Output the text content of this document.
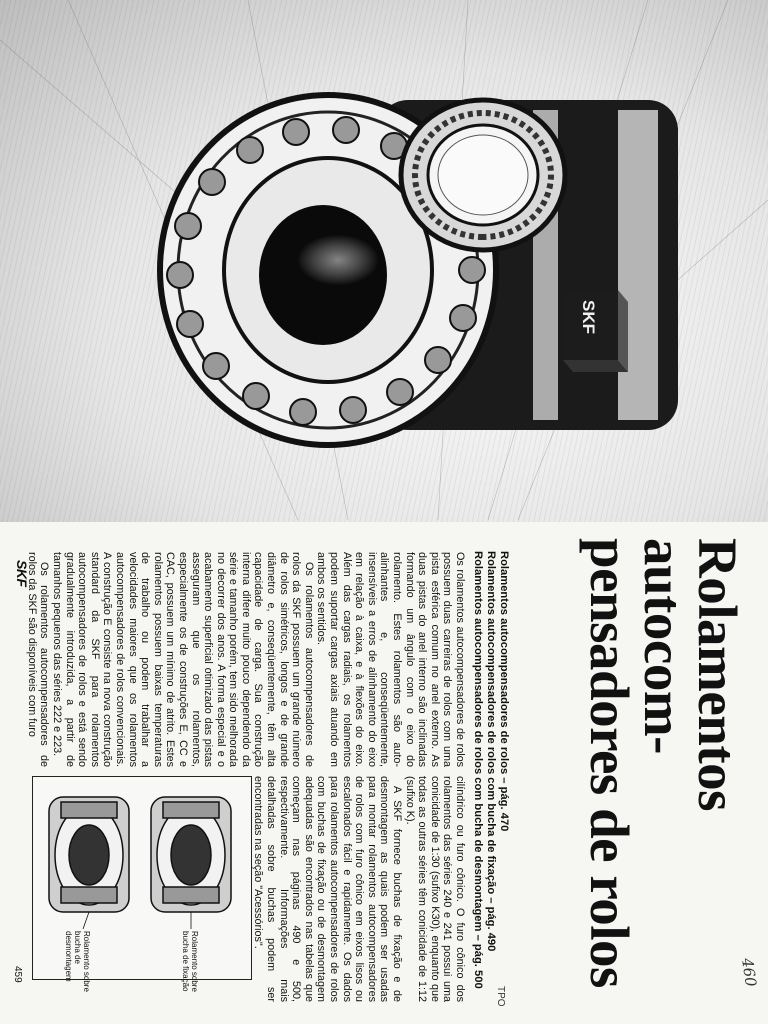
SKF
Rolamentos autocom-
pensadores de rolos
Rolamentos autocompensadores de rolos – pág. 470
Rolamentos autocompensadores de rolos com bucha de fixação – pág. 490
Rolamentos autocompensadores de rolos com bucha de desmontagem – pág. 500

Os rolamentos autocompensadores de rolos possuem duas carreiras de rolos com uma pista esférica comum no anel externo. As duas pistas do anel interno são inclinadas formando um ângulo com o eixo do rolamento. Estes rolamentos são auto-alinhantes e, conseqüentemente, insensíveis a erros de alinhamento do eixo em relação à caixa, e à flexões do eixo. Além das cargas radiais, os rolamentos podem suportar cargas axiais atuando em ambos os sentidos.

Os rolamentos autocompensadores de rolos da SKF possuem um grande número de rolos simétricos, longos e de grande diâmetro e, conseqüentemente, têm alta capacidade de carga. Sua construção interna difere muito pouco dependendo da série e tamanho porém, tem sido melhorada no decorrer dos anos. A forma especial e o acabamento superficial otimizado das pistas asseguram que os rolamentos, especialmente os de construções E, CC e CAC, possuem um mínimo de atrito. Estes rolamentos possuem baixas temperaturas de trabalho ou podem trabalhar a velocidades maiores que os rolamentos autocompensadores de rolos convencionais. A construção E consiste na nova construção standard da SKF para rolamentos autocompensadores de rolos e está sendo gradualmente introduzida, a partir de tamanhos pequenos das séries 222 e 223.

Os rolamentos autocompensadores de rolos da SKF são disponíveis com furo

cilíndrico ou furo cônico. O furo cônico dos rolamentos das séries 240 e 241 possui uma conicidade de 1:30 (sufixo K30), enquanto que todas as outras séries têm conicidade de 1:12 (sufixo K).

A SKF fornece buchas de fixação e de desmontagem as quais podem ser usadas para montar rolamentos autocompensadores de rolos com furo cônico em eixos lisos ou escalonados fácil e rapidamente. Os dados para rolamentos autocompensadores de rolos com buchas de fixação ou de desmontagem adequadas são encontrados nas tabelas que começam nas páginas 490 e 500, respectivamente. Informações mais detalhadas sobre buchas podem ser encontradas na seção "Acessórios".

Rolamento sobre bucha de fixação
Rolamento sobre bucha de desmontagem
SKF
459	460
TPO
